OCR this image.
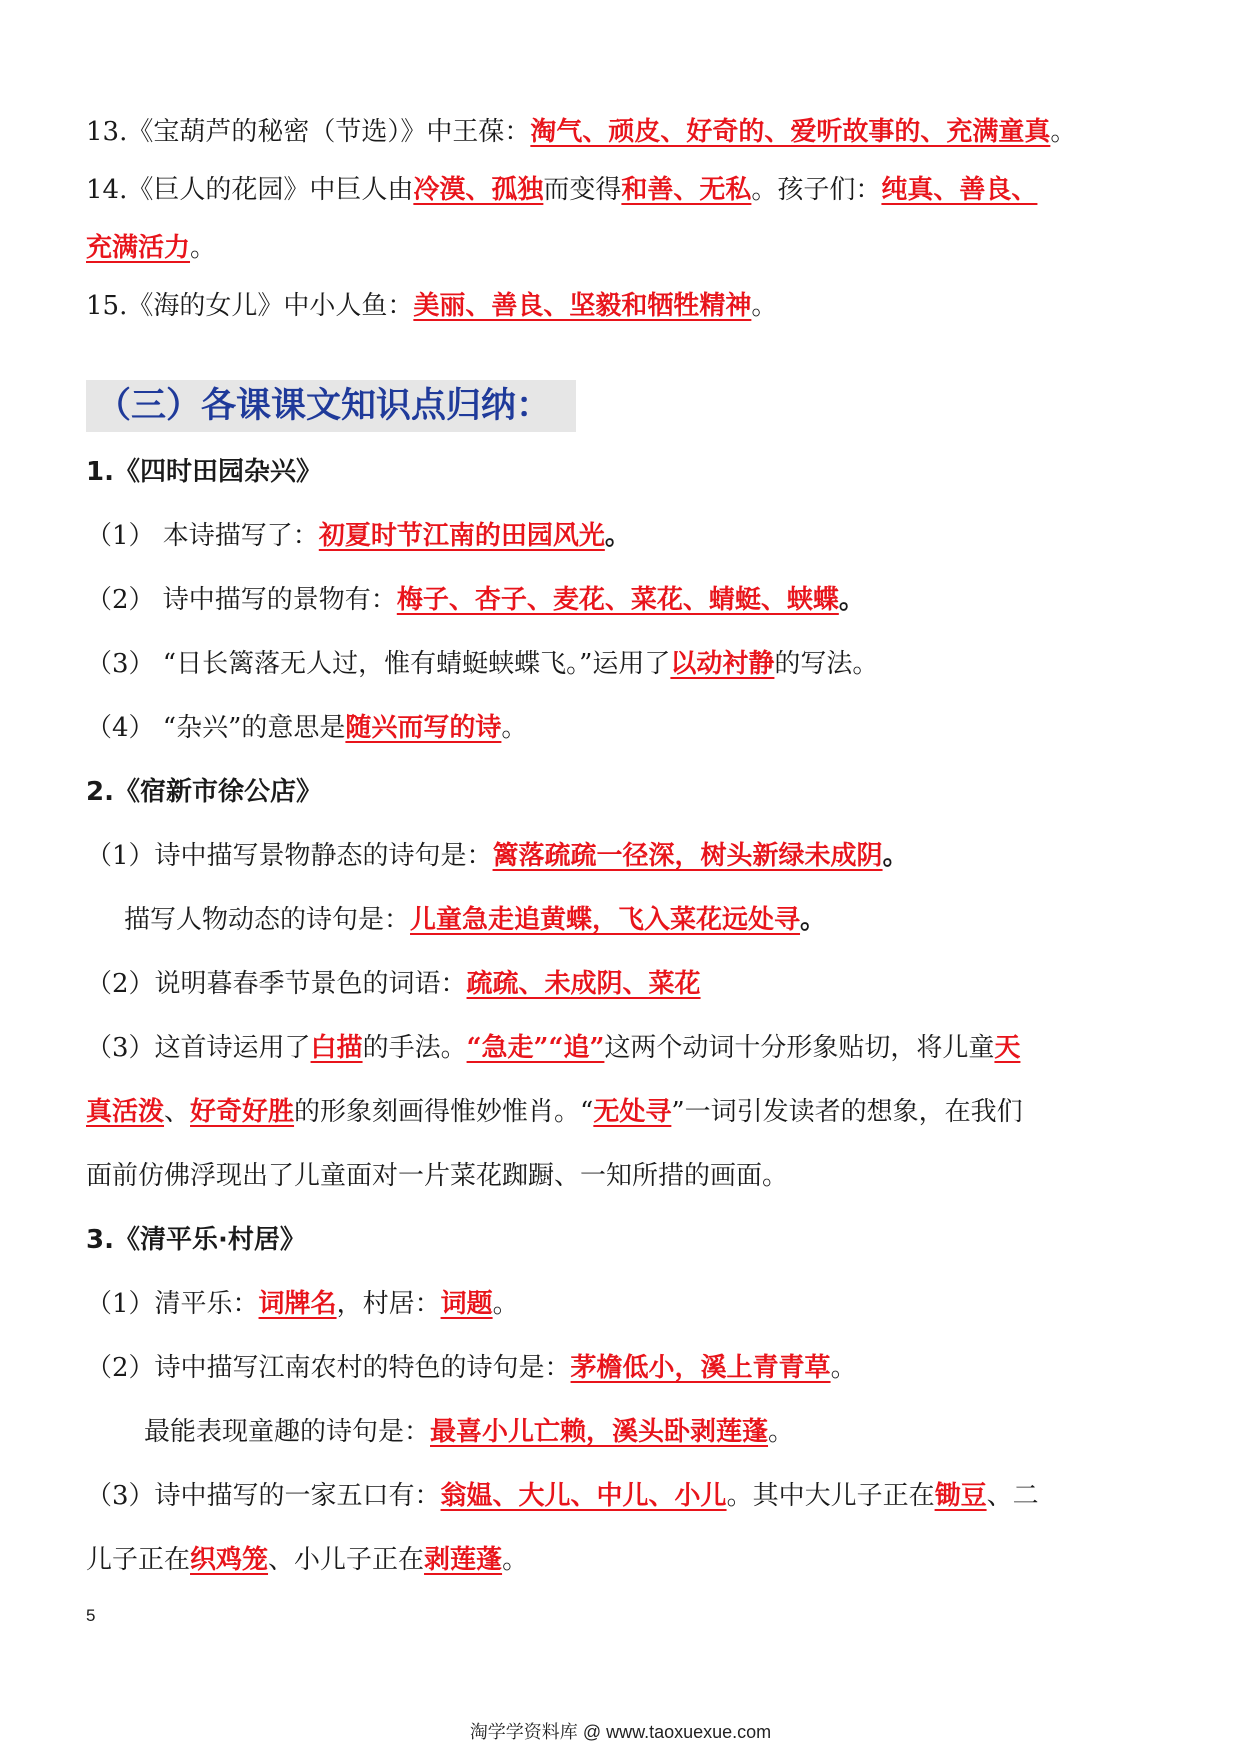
13.《宝葫芦的秘密（节选）》中王葆：淘气、顽皮、好奇的、爱听故事的、充满童真。
14.《巨人的花园》中巨人由冷漠、孤独而变得和善、无私。孩子们：纯真、善良、
充满活力。
15.《海的女儿》中小人鱼：美丽、善良、坚毅和牺牲精神。
（三）各课课文知识点归纳：
1.《四时田园杂兴》
（1） 本诗描写了：初夏时节江南的田园风光。
（2） 诗中描写的景物有：梅子、杏子、麦花、菜花、蜻蜓、蛱蝶。
（3） “日长篱落无人过，惟有蜻蜓蛱蝶飞。”运用了以动衬静的写法。
（4） “杂兴”的意思是随兴而写的诗。
2.《宿新市徐公店》
（1）诗中描写景物静态的诗句是：篱落疏疏一径深，树头新绿未成阴。
描写人物动态的诗句是：儿童急走追黄蝶，飞入菜花远处寻。
（2）说明暮春季节景色的词语：疏疏、未成阴、菜花
（3）这首诗运用了白描的手法。“急走”“追”这两个动词十分形象贴切，将儿童天
真活泼、好奇好胜的形象刻画得惟妙惟肖。“无处寻”一词引发读者的想象，在我们
面前仿佛浮现出了儿童面对一片菜花踟蹰、一知所措的画面。
3.《清平乐·村居》
（1）清平乐：词牌名，村居：词题。
（2）诗中描写江南农村的特色的诗句是：茅檐低小，溪上青青草。
最能表现童趣的诗句是：最喜小儿亡赖，溪头卧剥莲蓬。
（3）诗中描写的一家五口有：翁媪、大儿、中儿、小儿。其中大儿子正在锄豆、二
儿子正在织鸡笼、小儿子正在剥莲蓬。
5
淘学学资料库 @ www.taoxuexue.com
